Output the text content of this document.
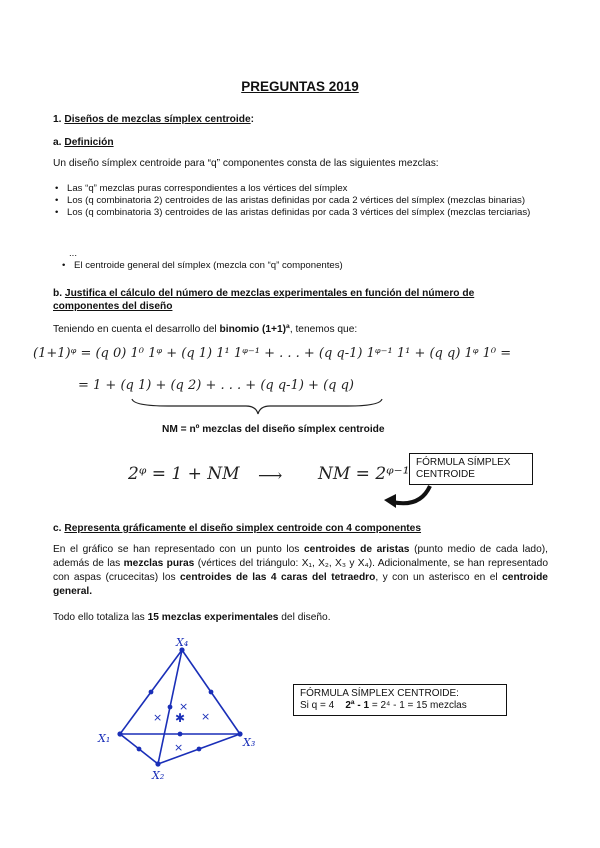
PREGUNTAS 2019
1. Diseños de mezclas símplex centroide:
a. Definición
Un diseño símplex centroide para “q” componentes consta de las siguientes mezclas:
• Las “q” mezclas puras correspondientes a los vértices del símplex
• Los (q combinatoria 2) centroides de las aristas definidas por cada 2 vértices del símplex (mezclas binarias)
• Los (q combinatoria 3) centroides de las aristas definidas por cada 3 vértices del símplex (mezclas terciarias)
...
• El centroide general del símplex (mezcla con “q” componentes)
b. Justifica el cálculo del número de mezclas experimentales en función del número de componentes del diseño
Teniendo en cuenta el desarrollo del binomio (1+1)ª, tenemos que:
(1+1)ᵠ = (q 0) 1⁰ 1ᵠ + (q 1) 1¹ 1ᵠ⁻¹ + . . . + (q q-1) 1ᵠ⁻¹ 1¹ + (q q) 1ᵠ 1⁰ =
= 1 + (q 1) + (q 2) + . . . + (q q-1) + (q q)
NM = nº mezclas del diseño símplex centroide
2ᵠ = 1 + NM ⟶ NM = 2ᵠ⁻¹
FÓRMULA SÍMPLEX CENTROIDE
c. Representa gráficamente el diseño simplex centroide con 4 componentes
En el gráfico se han representado con un punto los centroides de aristas (punto medio de cada lado), además de las mezclas puras (vértices del triángulo: X₁, X₂, X₃ y X₄). Adicionalmente, se han representado con aspas (crucecitas) los centroides de las 4 caras del tetraedro, y con un asterisco en el centroide general.
Todo ello totaliza las 15 mezclas experimentales del diseño.
×
×
×
×
✱
X₄
X₁
X₂
X₃
FÓRMULA SÍMPLEX CENTROIDE:
Si q = 4 2ª - 1 = 2⁴ - 1 = 15 mezclas
